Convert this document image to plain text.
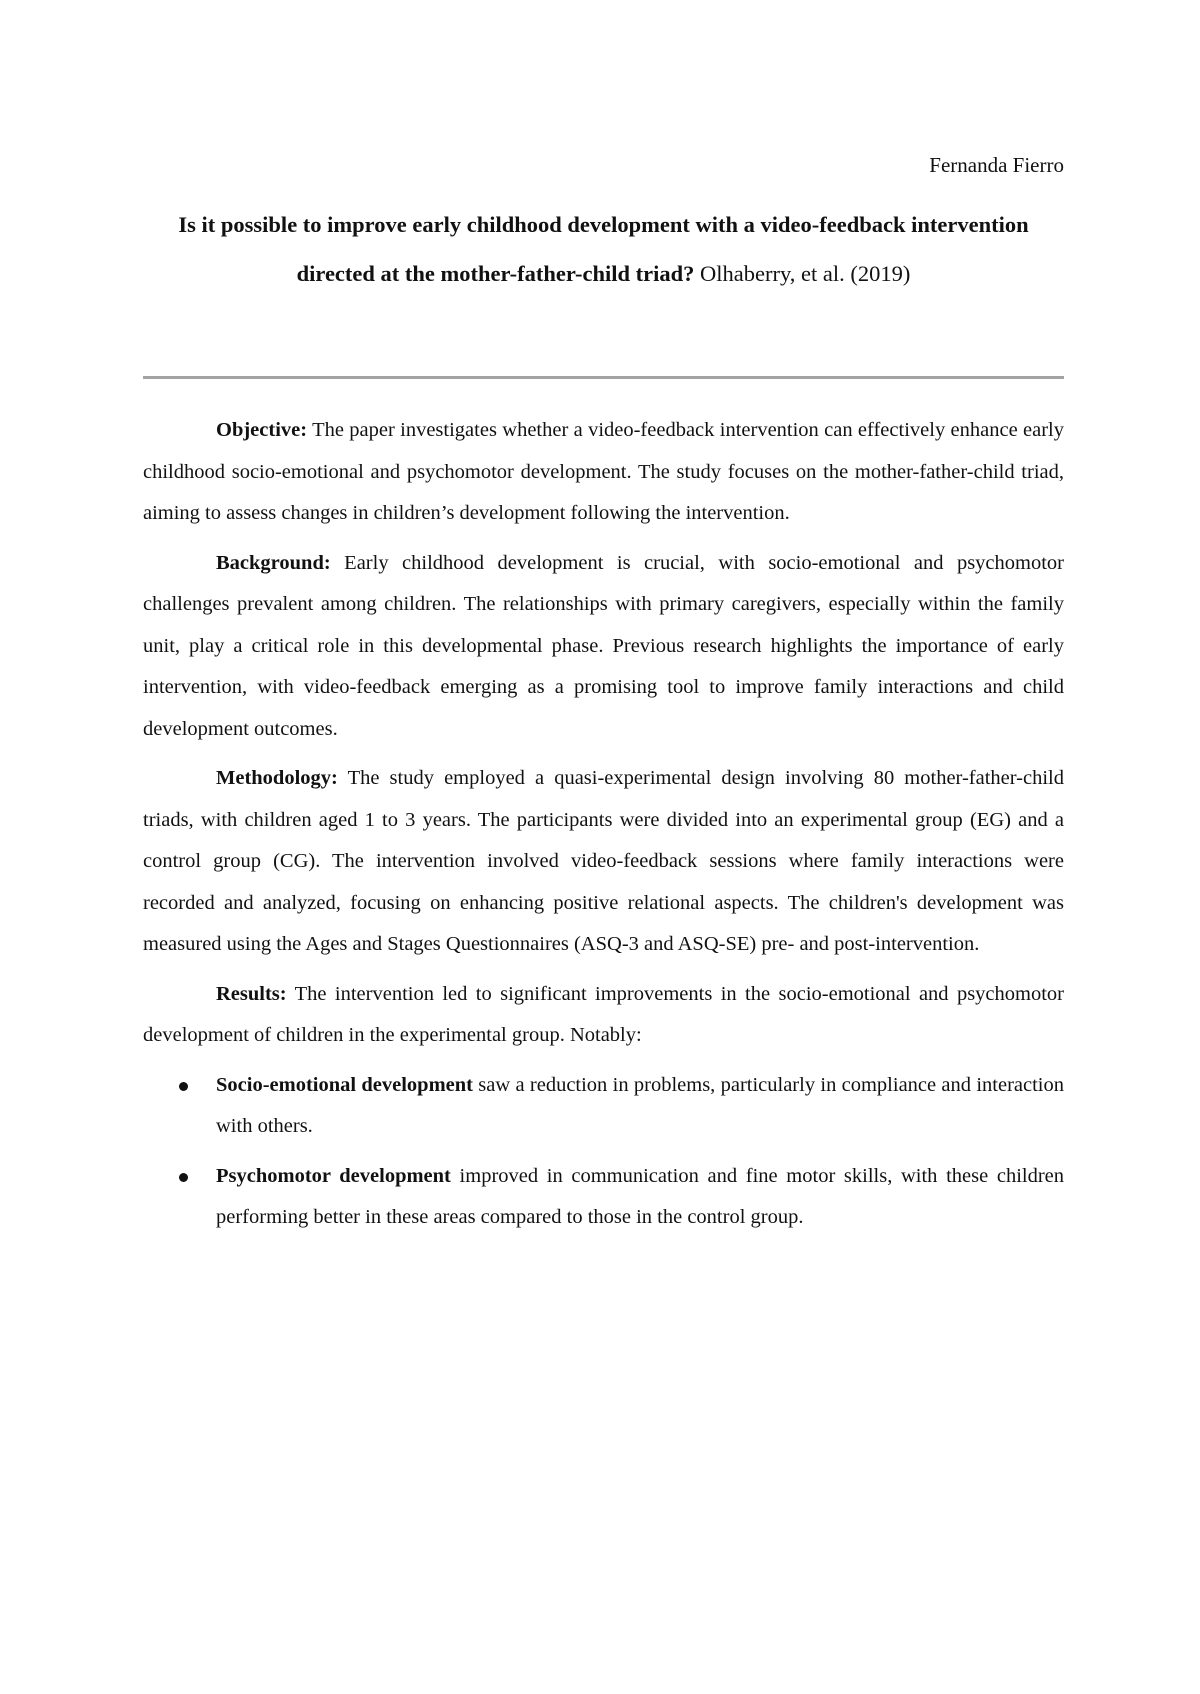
Fernanda Fierro

Is it possible to improve early childhood development with a video-feedback intervention directed at the mother-father-child triad? Olhaberry, et al. (2019)

Objective: The paper investigates whether a video-feedback intervention can effectively enhance early childhood socio-emotional and psychomotor development. The study focuses on the mother-father-child triad, aiming to assess changes in children’s development following the intervention.

Background: Early childhood development is crucial, with socio-emotional and psychomotor challenges prevalent among children. The relationships with primary caregivers, especially within the family unit, play a critical role in this developmental phase. Previous research highlights the importance of early intervention, with video-feedback emerging as a promising tool to improve family interactions and child development outcomes.

Methodology: The study employed a quasi-experimental design involving 80 mother-father-child triads, with children aged 1 to 3 years. The participants were divided into an experimental group (EG) and a control group (CG). The intervention involved video-feedback sessions where family interactions were recorded and analyzed, focusing on enhancing positive relational aspects. The children's development was measured using the Ages and Stages Questionnaires (ASQ-3 and ASQ-SE) pre- and post-intervention.

Results: The intervention led to significant improvements in the socio-emotional and psychomotor development of children in the experimental group. Notably:

Socio-emotional development saw a reduction in problems, particularly in compliance and interaction with others.
Psychomotor development improved in communication and fine motor skills, with these children performing better in these areas compared to those in the control group.
